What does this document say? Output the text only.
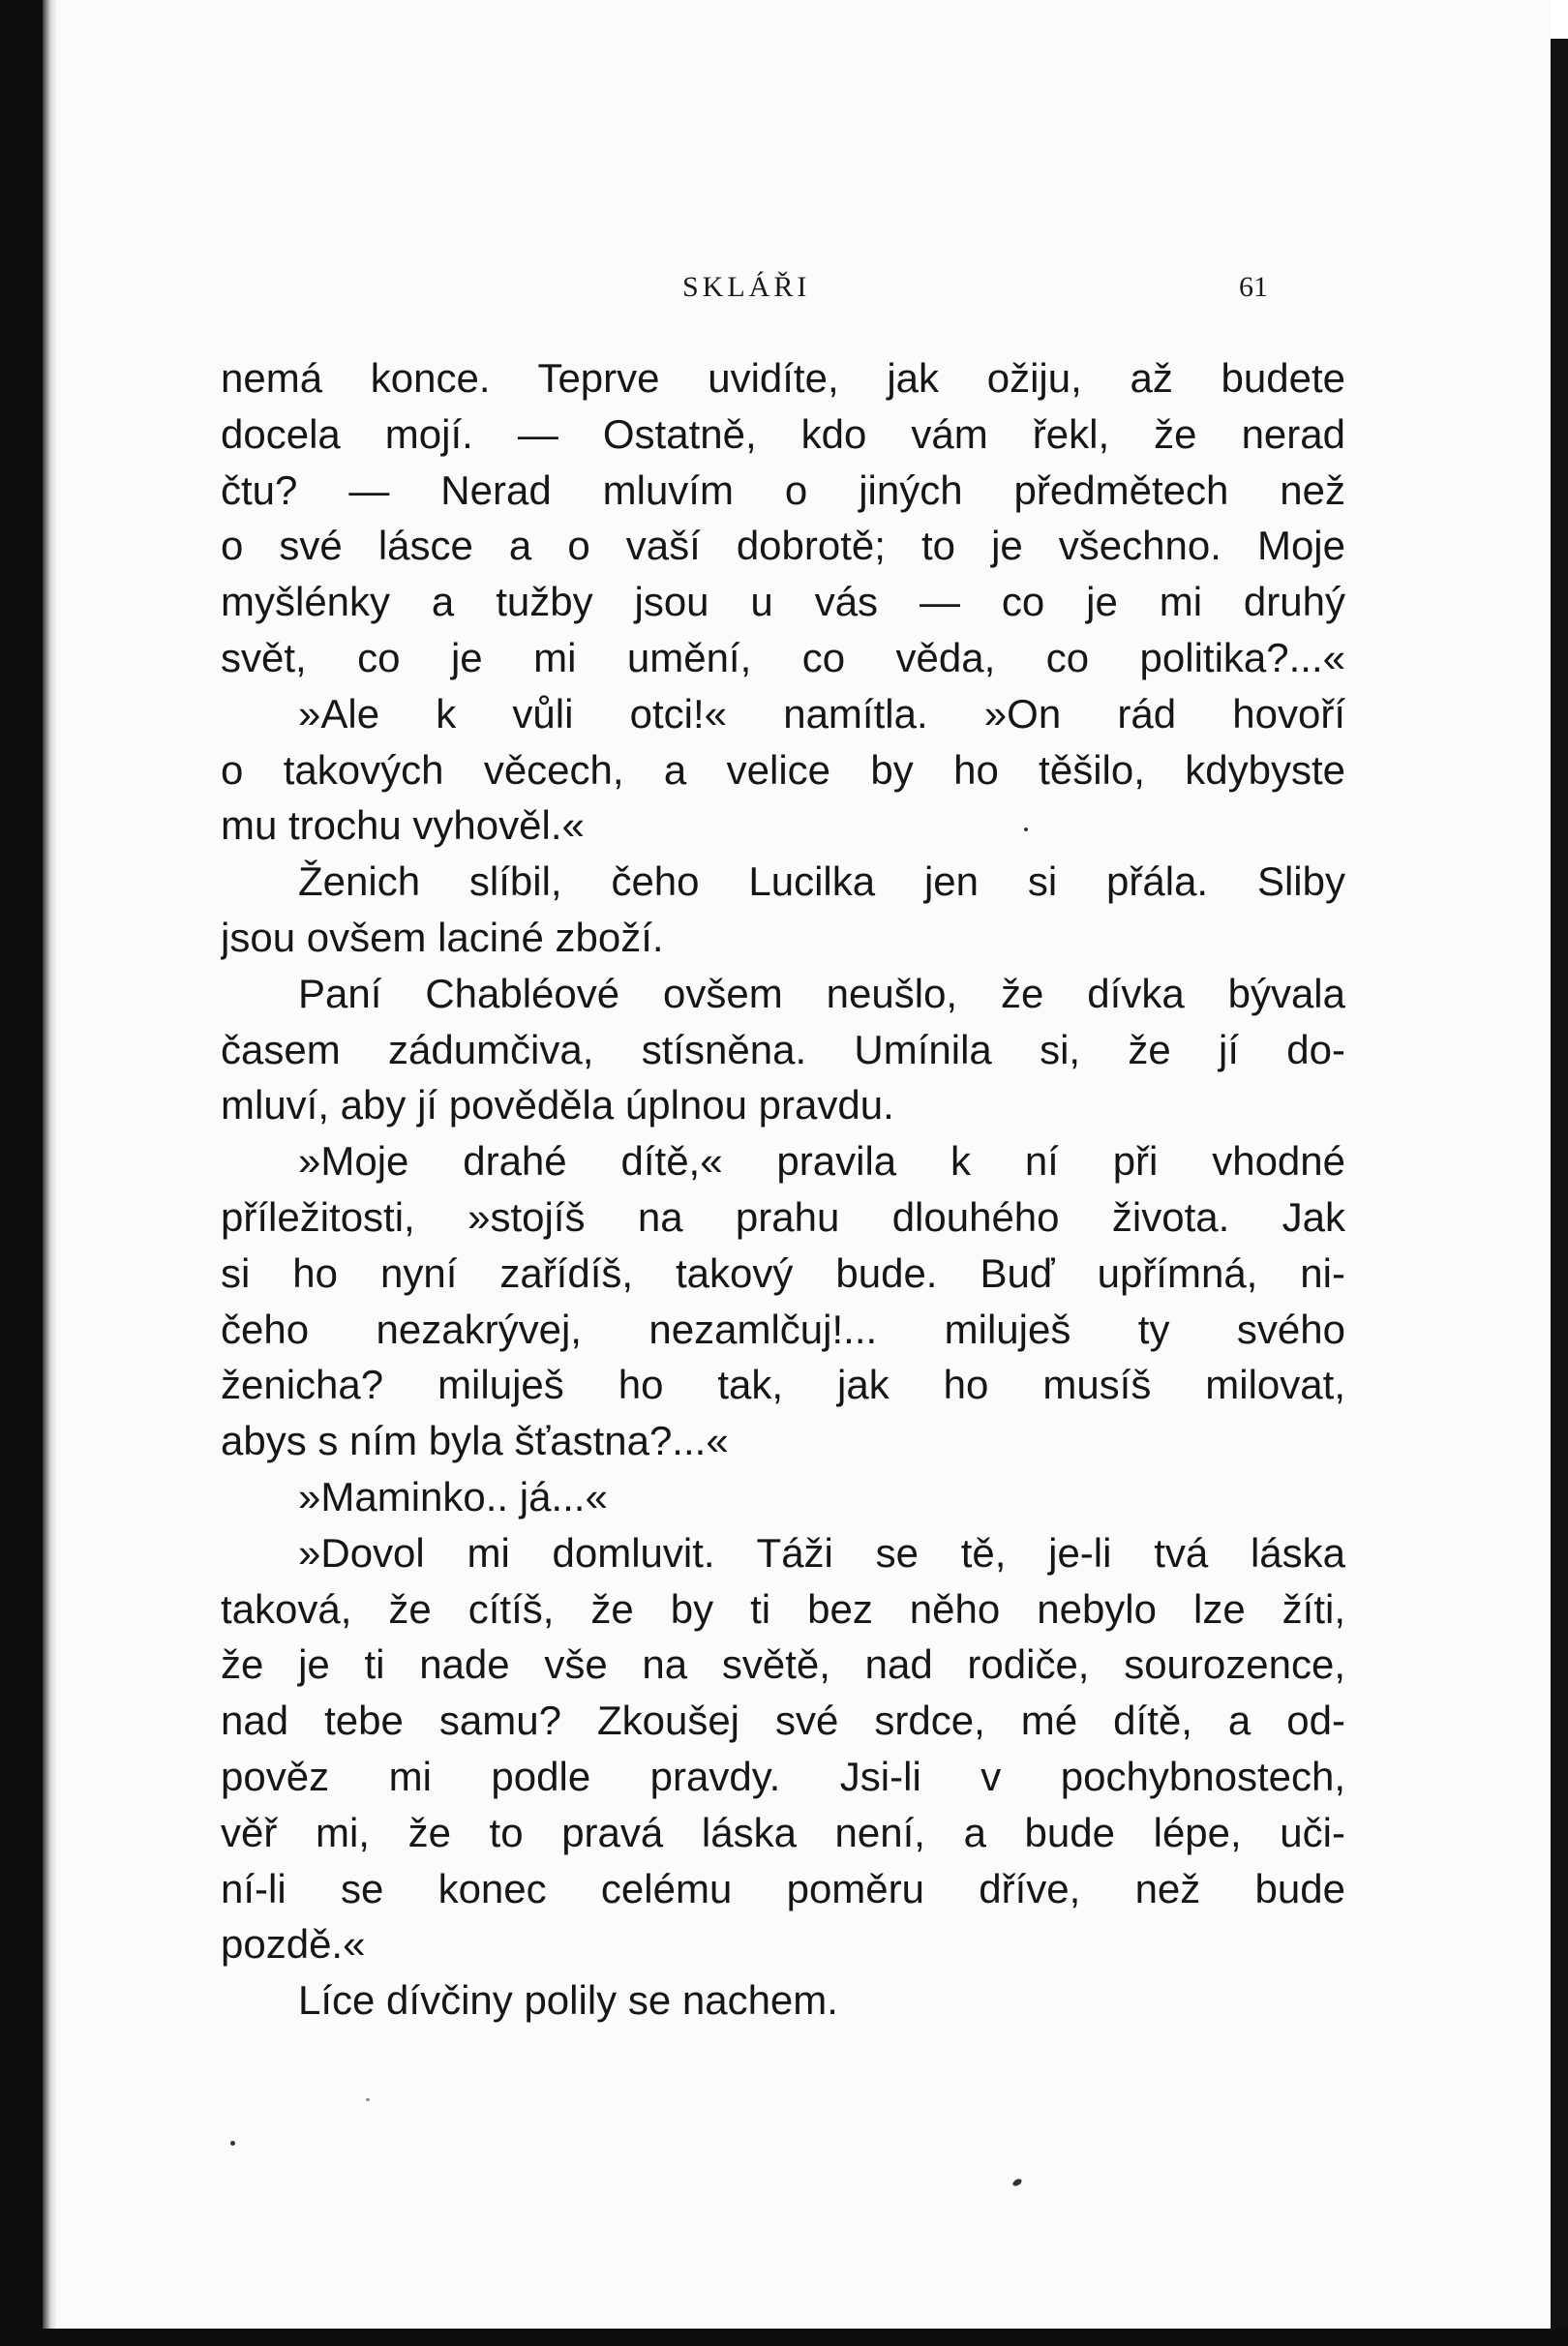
SKLÁŘI	61
nemá konce. Teprve uvidíte, jak ožiju, až budete
docela mojí. — Ostatně, kdo vám řekl, že nerad
čtu? — Nerad mluvím o jiných předmětech než
o své lásce a o vaší dobrotě; to je všechno. Moje
myšlénky a tužby jsou u vás — co je mi druhý
svět, co je mi umění, co věda, co politika?...«
»Ale k vůli otci!« namítla. »On rád hovoří
o takových věcech, a velice by ho těšilo, kdybyste
mu trochu vyhověl.«
Ženich slíbil, čeho Lucilka jen si přála. Sliby
jsou ovšem laciné zboží.
Paní Chabléové ovšem neušlo, že dívka bývala
časem zádumčiva, stísněna. Umínila si, že jí do-
mluví, aby jí pověděla úplnou pravdu.
»Moje drahé dítě,« pravila k ní při vhodné
příležitosti, »stojíš na prahu dlouhého života. Jak
si ho nyní zařídíš, takový bude. Buď upřímná, ni-
čeho nezakrývej, nezamlčuj!... miluješ ty svého
ženicha? miluješ ho tak, jak ho musíš milovat,
abys s ním byla šťastna?...«
»Maminko.. já...«
»Dovol mi domluvit. Táži se tě, je-li tvá láska
taková, že cítíš, že by ti bez něho nebylo lze žíti,
že je ti nade vše na světě, nad rodiče, sourozence,
nad tebe samu? Zkoušej své srdce, mé dítě, a od-
pověz mi podle pravdy. Jsi-li v pochybnostech,
věř mi, že to pravá láska není, a bude lépe, uči-
ní-li se konec celému poměru dříve, než bude
pozdě.«
Líce dívčiny polily se nachem.
